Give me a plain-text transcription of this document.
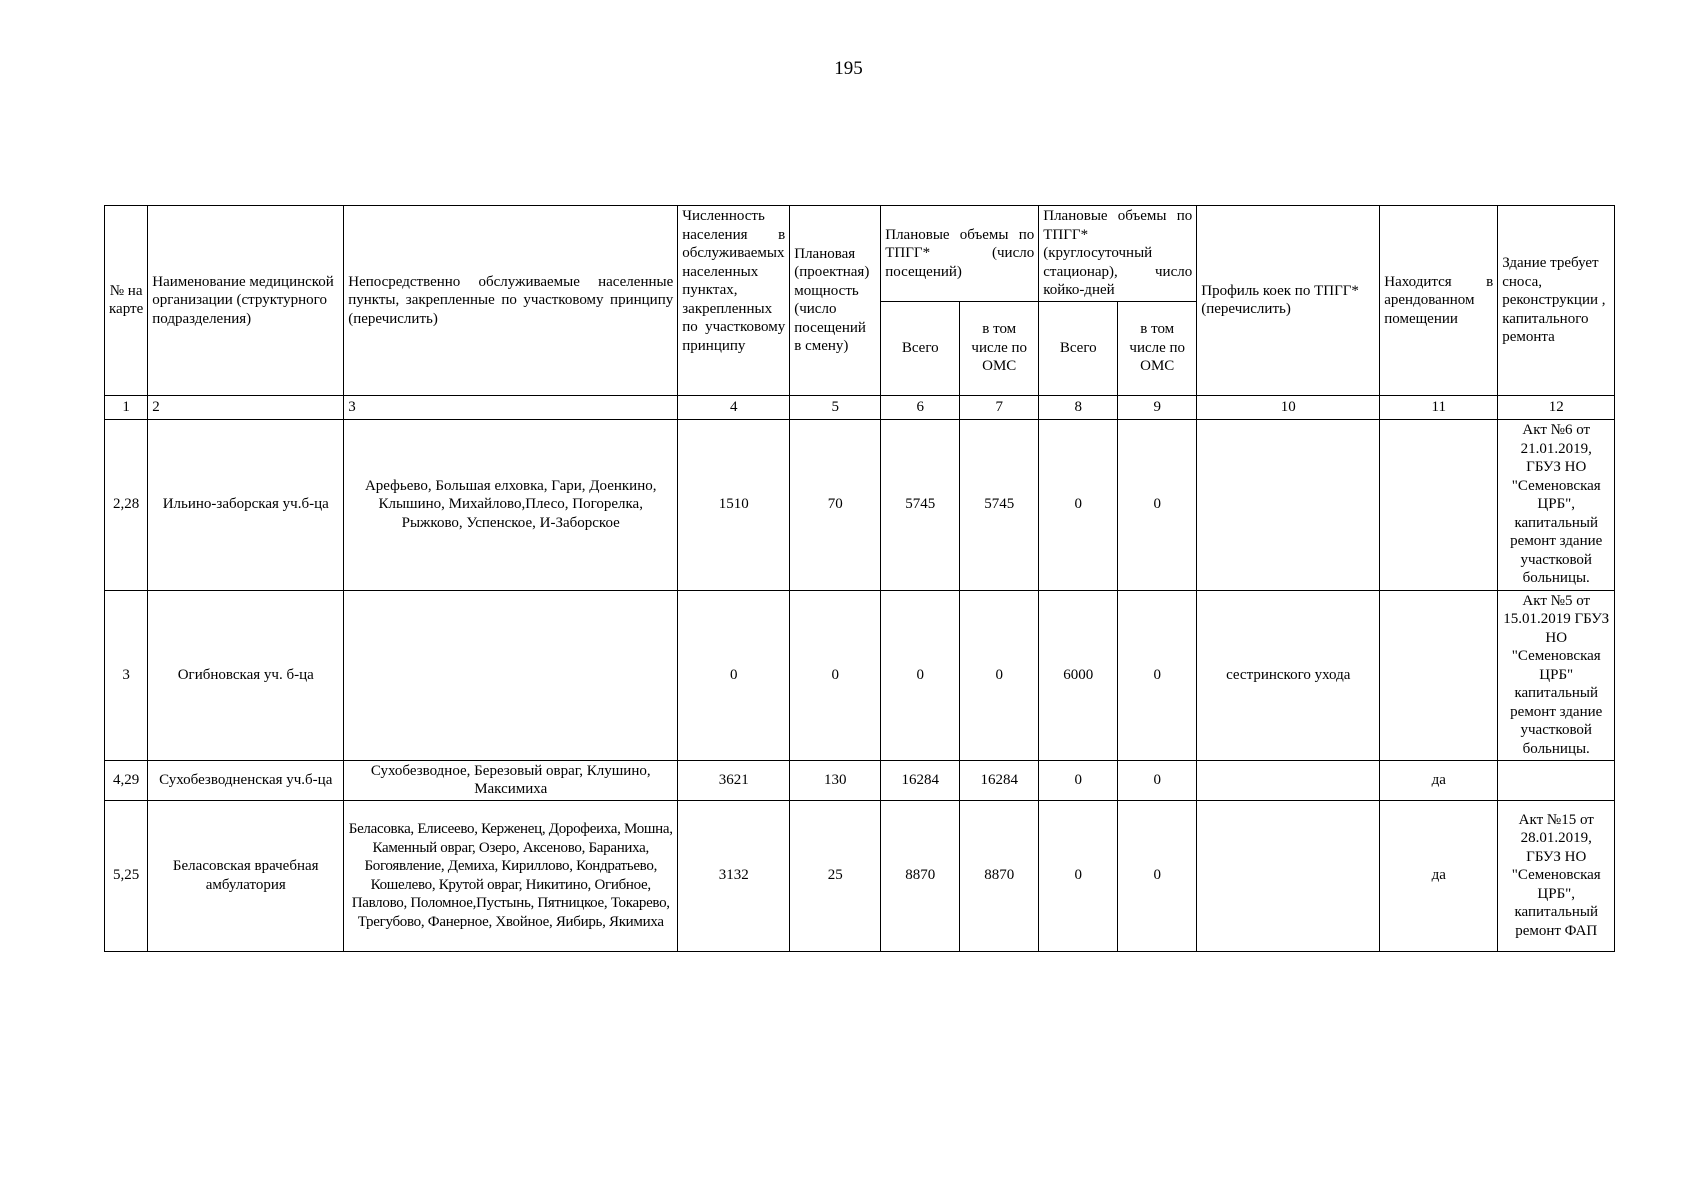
195
№ на карте	Наименование медицинской организации (структурного подразделения)	Непосредственно обслуживаемые населенные пункты, закрепленные по участковому принципу (перечислить)	Численность населения в обслуживаемых населенных пунктах, закрепленных по участковому принципу	Плановая (проектная) мощность (число посещений в смену)	Плановые объемы по ТПГГ* (число посещений)		Плановые объемы по ТПГГ* (круглосуточный стационар), число койко-дней		Профиль коек по ТПГГ* (перечислить)	Находится в арендованном помещении	Здание требует сноса, реконструкции , капитального ремонта
					Всего	в том числе по ОМС	Всего	в том числе по ОМС			
1	2	3	4	5	6	7	8	9	10	11	12
2,28	Ильино-заборская уч.б-ца	Арефьево, Большая елховка, Гари, Доенкино, Клышино, Михайлово,Плесо, Погорелка, Рыжково, Успенское, И-Заборское	1510	70	5745	5745	0	0			Акт №6 от 21.01.2019, ГБУЗ НО "Семеновская ЦРБ", капитальный ремонт здание участковой больницы.
3	Огибновская уч. б-ца		0	0	0	0	6000	0	сестринского ухода		Акт №5 от 15.01.2019 ГБУЗ НО "Семеновская ЦРБ" капитальный ремонт здание участковой больницы.
4,29	Сухобезводненская уч.б-ца	Сухобезводное, Березовый овраг, Клушино, Максимиха	3621	130	16284	16284	0	0		да	
5,25	Беласовская врачебная амбулатория	Беласовка, Елисеево, Керженец, Дорофеиха, Мошна, Каменный овраг, Озеро, Аксеново, Бараниха, Богоявление, Демиха, Кириллово, Кондратьево, Кошелево, Крутой овраг, Никитино, Огибное, Павлово, Поломное,Пустынь, Пятницкое, Токарево, Трегубово, Фанерное, Хвойное, Яибирь, Якимиха	3132	25	8870	8870	0	0		да	Акт №15 от 28.01.2019, ГБУЗ НО "Семеновская ЦРБ", капитальный ремонт ФАП
